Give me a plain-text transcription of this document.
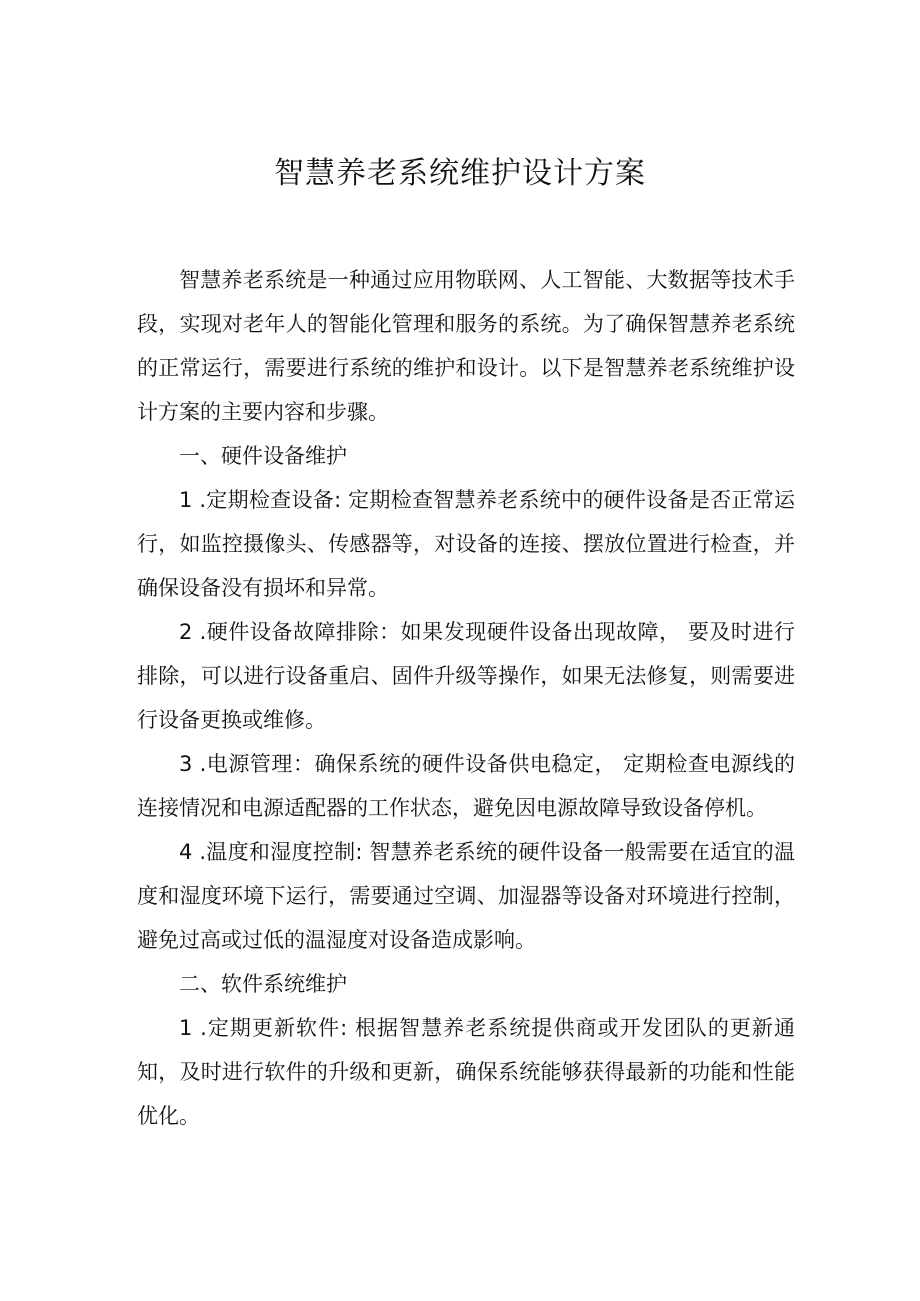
智慧养老系统维护设计方案

智慧养老系统是一种通过应用物联网、人工智能、大数据等技术手段，实现对老年人的智能化管理和服务的系统。为了确保智慧养老系统的正常运行，需要进行系统的维护和设计。以下是智慧养老系统维护设计方案的主要内容和步骤。

一、硬件设备维护

1 .定期检查设备: 定期检查智慧养老系统中的硬件设备是否正常运行，如监控摄像头、传感器等，对设备的连接、摆放位置进行检查，并确保设备没有损坏和异常。

2 .硬件设备故障排除：如果发现硬件设备出现故障， 要及时进行排除，可以进行设备重启、固件升级等操作，如果无法修复，则需要进行设备更换或维修。

3 .电源管理：确保系统的硬件设备供电稳定， 定期检查电源线的连接情况和电源适配器的工作状态，避免因电源故障导致设备停机。

4 .温度和湿度控制: 智慧养老系统的硬件设备一般需要在适宜的温度和湿度环境下运行，需要通过空调、加湿器等设备对环境进行控制，避免过高或过低的温湿度对设备造成影响。

二、软件系统维护

1 .定期更新软件: 根据智慧养老系统提供商或开发团队的更新通知，及时进行软件的升级和更新，确保系统能够获得最新的功能和性能优化。
